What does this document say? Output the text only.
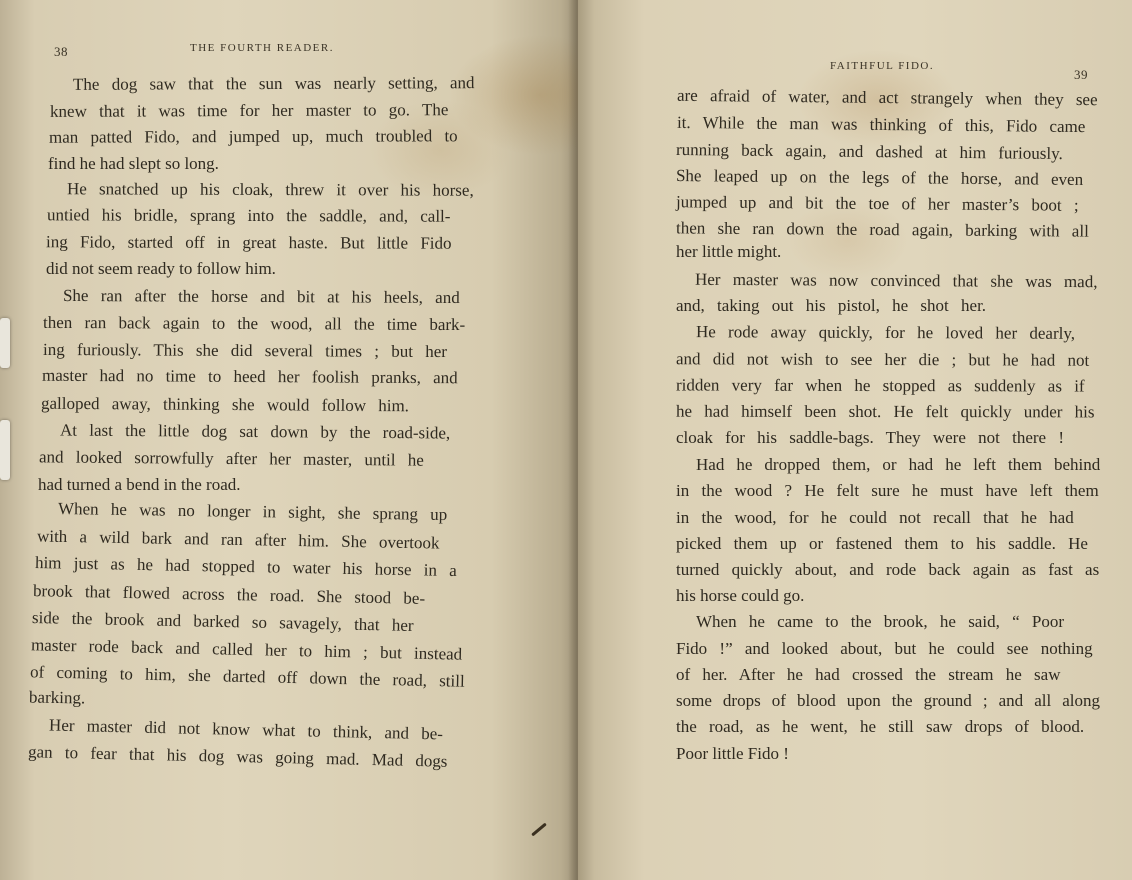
38	THE FOURTH READER.
The dog saw that the sun was nearly setting, and
knew that it was time for her master to go. The
man patted Fido, and jumped up, much troubled to
find he had slept so long.
He snatched up his cloak, threw it over his horse,
untied his bridle, sprang into the saddle, and, call-
ing Fido, started off in great haste. But little Fido
did not seem ready to follow him.
She ran after the horse and bit at his heels, and
then ran back again to the wood, all the time bark-
ing furiously. This she did several times ; but her
master had no time to heed her foolish pranks, and
galloped away, thinking she would follow him.
At last the little dog sat down by the road-side,
and looked sorrowfully after her master, until he
had turned a bend in the road.
When he was no longer in sight, she sprang up
with a wild bark and ran after him. She overtook
him just as he had stopped to water his horse in a
brook that flowed across the road. She stood be-
side the brook and barked so savagely, that her
master rode back and called her to him ; but instead
of coming to him, she darted off down the road, still
barking.
Her master did not know what to think, and be-
gan to fear that his dog was going mad. Mad dogs
FAITHFUL FIDO.
39
are afraid of water, and act strangely when they see
it. While the man was thinking of this, Fido came
running back again, and dashed at him furiously.
She leaped up on the legs of the horse, and even
jumped up and bit the toe of her master’s boot ;
then she ran down the road again, barking with all
her little might.
Her master was now convinced that she was mad,
and, taking out his pistol, he shot her.
He rode away quickly, for he loved her dearly,
and did not wish to see her die ; but he had not
ridden very far when he stopped as suddenly as if
he had himself been shot. He felt quickly under his
cloak for his saddle-bags. They were not there !
Had he dropped them, or had he left them behind
in the wood ? He felt sure he must have left them
in the wood, for he could not recall that he had
picked them up or fastened them to his saddle. He
turned quickly about, and rode back again as fast as
his horse could go.
When he came to the brook, he said, “ Poor
Fido !” and looked about, but he could see nothing
of her. After he had crossed the stream he saw
some drops of blood upon the ground ; and all along
the road, as he went, he still saw drops of blood.
Poor little Fido !
